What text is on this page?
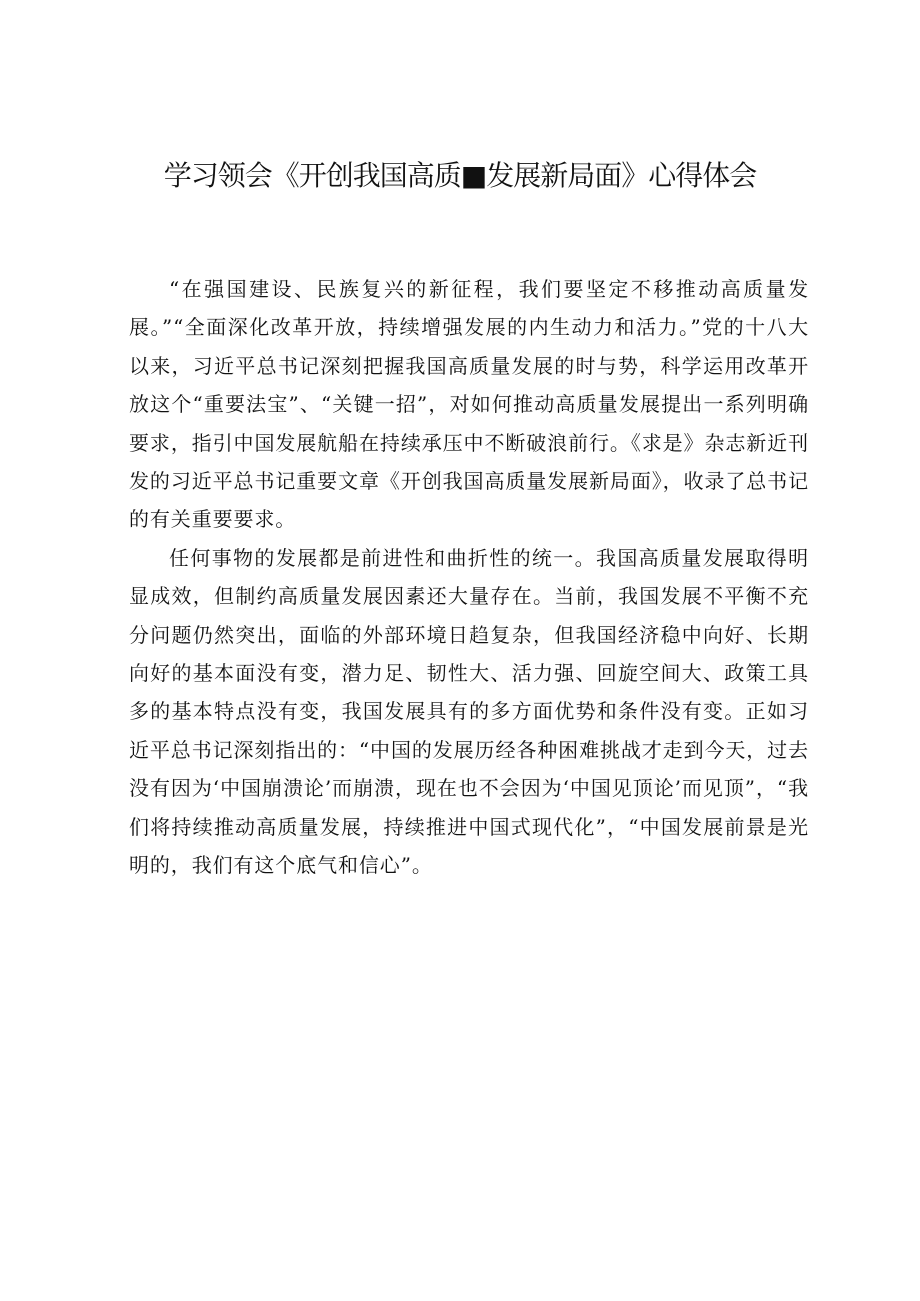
学习领会《开创我国高质■发展新局面》心得体会

“在强国建设、民族复兴的新征程，我们要坚定不移推动高质量发展。”“全面深化改革开放，持续增强发展的内生动力和活力。”党的十八大以来，习近平总书记深刻把握我国高质量发展的时与势，科学运用改革开放这个“重要法宝”、“关键一招”，对如何推动高质量发展提出一系列明确要求，指引中国发展航船在持续承压中不断破浪前行。《求是》杂志新近刊发的习近平总书记重要文章《开创我国高质量发展新局面》，收录了总书记的有关重要要求。

任何事物的发展都是前进性和曲折性的统一。我国高质量发展取得明显成效，但制约高质量发展因素还大量存在。当前，我国发展不平衡不充分问题仍然突出，面临的外部环境日趋复杂，但我国经济稳中向好、长期向好的基本面没有变，潜力足、韧性大、活力强、回旋空间大、政策工具多的基本特点没有变，我国发展具有的多方面优势和条件没有变。正如习近平总书记深刻指出的：“中国的发展历经各种困难挑战才走到今天，过去没有因为‘中国崩溃论’而崩溃，现在也不会因为‘中国见顶论’而见顶”，“我们将持续推动高质量发展，持续推进中国式现代化”，“中国发展前景是光明的，我们有这个底气和信心”。
